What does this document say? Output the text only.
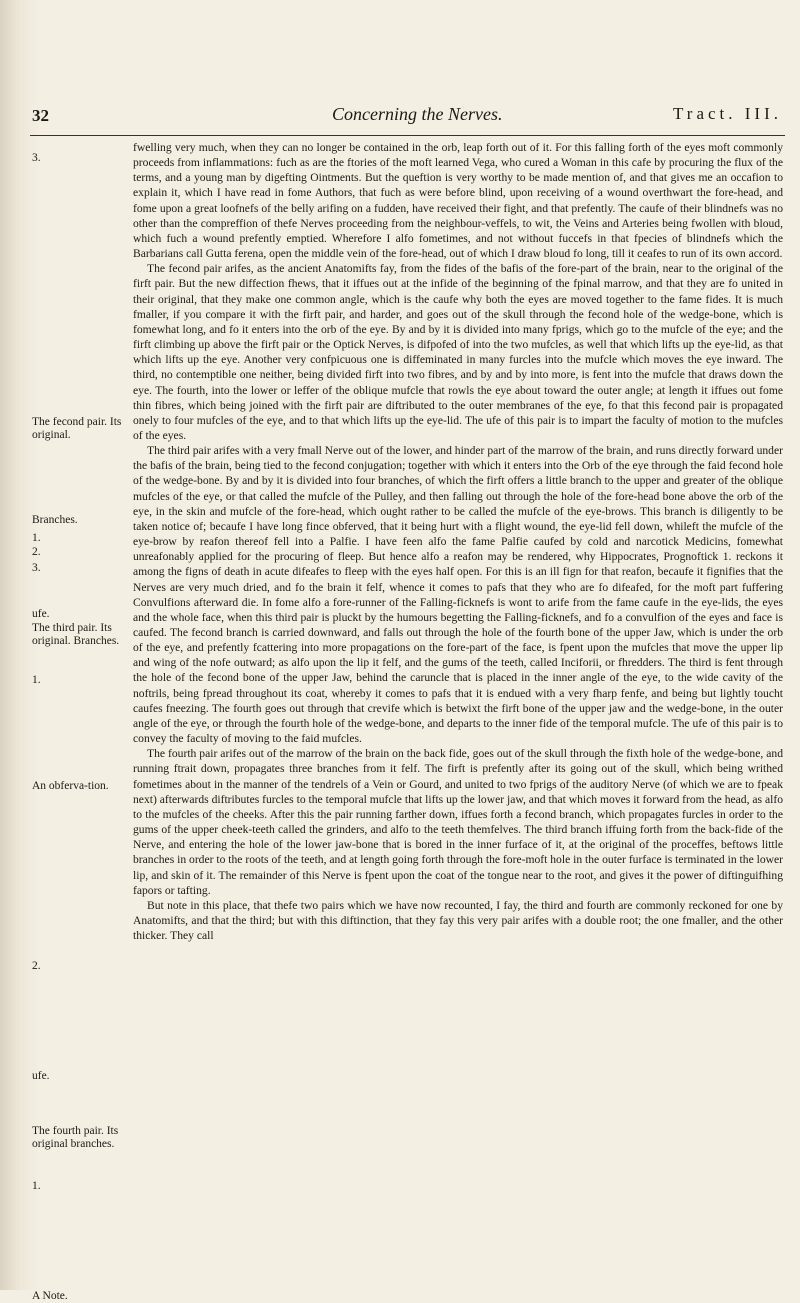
32	Concerning the Nerves.	Tract. III.
3.
The fecond pair. Its original.
Branches.
1.
2.
3.
ufe.
The third pair. Its original. Branches.
1.
An obferva-tion.
2.
ufe.
The fourth pair. Its original branches.
1.
A Note.

fwelling very much, when they can no longer be contained in the orb, leap forth out of it. For this falling forth of the eyes moft commonly proceeds from inflammations: fuch as are the ftories of the moft learned Vega, who cured a Woman in this cafe by procuring the flux of the terms, and a young man by digefting Ointments. But the queftion is very worthy to be made mention of, and that gives me an occafion to explain it, which I have read in fome Authors, that fuch as were before blind, upon receiving of a wound overthwart the fore-head, and fome upon a great loofnefs of the belly arifing on a fudden, have received their fight, and that prefently. The caufe of their blindnefs was no other than the compreffion of thefe Nerves proceeding from the neighbour-veffels, to wit, the Veins and Arteries being fwollen with bloud, which fuch a wound prefently emptied. Wherefore I alfo fometimes, and not without fuccefs in that fpecies of blindnefs which the Barbarians call Gutta ferena, open the middle vein of the fore-head, out of which I draw bloud fo long, till it ceafes to run of its own accord.

The fecond pair arifes, as the ancient Anatomifts fay, from the fides of the bafis of the fore-part of the brain, near to the original of the firft pair. But the new diffection fhews, that it iffues out at the infide of the beginning of the fpinal marrow, and that they are fo united in their original, that they make one common angle, which is the caufe why both the eyes are moved together to the fame fides. It is much fmaller, if you compare it with the firft pair, and harder, and goes out of the skull through the fecond hole of the wedge-bone, which is fomewhat long, and fo it enters into the orb of the eye. By and by it is divided into many fprigs, which go to the mufcle of the eye; and the firft climbing up above the firft pair or the Optick Nerves, is difpofed of into the two mufcles, as well that which lifts up the eye-lid, as that which lifts up the eye. Another very confpicuous one is diffeminated in many furcles into the mufcle which moves the eye inward. The third, no contemptible one neither, being divided firft into two fibres, and by and by into more, is fent into the mufcle that draws down the eye. The fourth, into the lower or leffer of the oblique mufcle that rowls the eye about toward the outer angle; at length it iffues out fome thin fibres, which being joined with the firft pair are diftributed to the outer membranes of the eye, fo that this fecond pair is propagated onely to four mufcles of the eye, and to that which lifts up the eye-lid. The ufe of this pair is to impart the faculty of motion to the mufcles of the eyes.

The third pair arifes with a very fmall Nerve out of the lower, and hinder part of the marrow of the brain, and runs directly forward under the bafis of the brain, being tied to the fecond conjugation; together with which it enters into the Orb of the eye through the faid fecond hole of the wedge-bone. By and by it is divided into four branches, of which the firft offers a little branch to the upper and greater of the oblique mufcles of the eye, or that called the mufcle of the Pulley, and then falling out through the hole of the fore-head bone above the orb of the eye, in the skin and mufcle of the fore-head, which ought rather to be called the mufcle of the eye-brows. This branch is diligently to be taken notice of; becaufe I have long fince obferved, that it being hurt with a flight wound, the eye-lid fell down, whileft the mufcle of the eye-brow by reafon thereof fell into a Palfie. I have feen alfo the fame Palfie caufed by cold and narcotick Medicins, fomewhat unreafonably applied for the procuring of fleep. But hence alfo a reafon may be rendered, why Hippocrates, Prognoftick 1. reckons it among the figns of death in acute difeafes to fleep with the eyes half open. For this is an ill fign for that reafon, becaufe it fignifies that the Nerves are very much dried, and fo the brain it felf, whence it comes to pafs that they who are fo difeafed, for the moft part fuffering Convulfions afterward die. In fome alfo a fore-runner of the Falling-ficknefs is wont to arife from the fame caufe in the eye-lids, the eyes and the whole face, when this third pair is pluckt by the humours begetting the Falling-ficknefs, and fo a convulfion of the eyes and face is caufed. The fecond branch is carried downward, and falls out through the hole of the fourth bone of the upper Jaw, which is under the orb of the eye, and prefently fcattering into more propagations on the fore-part of the face, is fpent upon the mufcles that move the upper lip and wing of the nofe outward; as alfo upon the lip it felf, and the gums of the teeth, called Inciforii, or fhredders. The third is fent through the hole of the fecond bone of the upper Jaw, behind the caruncle that is placed in the inner angle of the eye, to the wide cavity of the noftrils, being fpread throughout its coat, whereby it comes to pafs that it is endued with a very fharp fenfe, and being but lightly toucht caufes fneezing. The fourth goes out through that crevife which is betwixt the firft bone of the upper jaw and the wedge-bone, in the outer angle of the eye, or through the fourth hole of the wedge-bone, and departs to the inner fide of the temporal mufcle. The ufe of this pair is to convey the faculty of moving to the faid mufcles.

The fourth pair arifes out of the marrow of the brain on the back fide, goes out of the skull through the fixth hole of the wedge-bone, and running ftrait down, propagates three branches from it felf. The firft is prefently after its going out of the skull, which being writhed fometimes about in the manner of the tendrels of a Vein or Gourd, and united to two fprigs of the auditory Nerve (of which we are to fpeak next) afterwards diftributes furcles to the temporal mufcle that lifts up the lower jaw, and that which moves it forward from the head, as alfo to the mufcles of the cheeks. After this the pair running farther down, iffues forth a fecond branch, which propagates furcles in order to the gums of the upper cheek-teeth called the grinders, and alfo to the teeth themfelves. The third branch iffuing forth from the back-fide of the Nerve, and entering the hole of the lower jaw-bone that is bored in the inner furface of it, at the original of the proceffes, beftows little branches in order to the roots of the teeth, and at length going forth through the fore-moft hole in the outer furface is terminated in the lower lip, and skin of it. The remainder of this Nerve is fpent upon the coat of the tongue near to the root, and gives it the power of diftinguifhing fapors or tafting.

But note in this place, that thefe two pairs which we have now recounted, I fay, the third and fourth are commonly reckoned for one by Anatomifts, and that the third; but with this diftinction, that they fay this very pair arifes with a double root; the one fmaller, and the other thicker. They call
